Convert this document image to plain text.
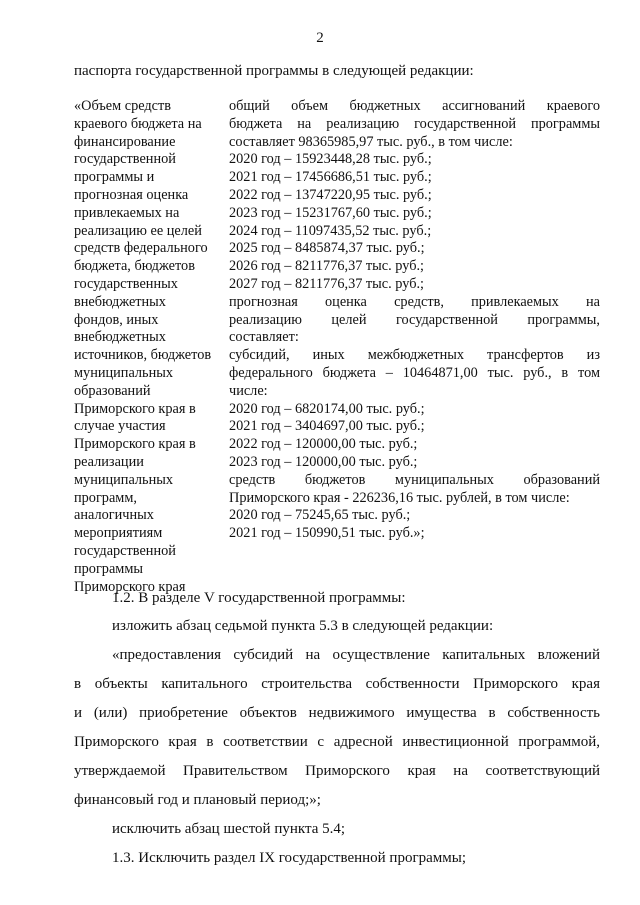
2
паспорта государственной программы в следующей редакции:
«Объем средств
краевого бюджета на
финансирование
государственной
программы и
прогнозная оценка
привлекаемых на
реализацию ее целей
средств федерального
бюджета, бюджетов
государственных
внебюджетных
фондов, иных
внебюджетных
источников, бюджетов
муниципальных
образований
Приморского края в
случае участия
Приморского края в
реализации
муниципальных
программ,
аналогичных
мероприятиям
государственной
программы
Приморского края
общий объем бюджетных ассигнований краевого
бюджета на реализацию государственной программы
составляет 98365985,97 тыс. руб., в том числе:
2020 год – 15923448,28 тыс. руб.;
2021 год – 17456686,51 тыс. руб.;
2022 год – 13747220,95 тыс. руб.;
2023 год – 15231767,60 тыс. руб.;
2024 год – 11097435,52 тыс. руб.;
2025 год – 8485874,37 тыс. руб.;
2026 год – 8211776,37 тыс. руб.;
2027 год – 8211776,37 тыс. руб.;
прогнозная оценка средств, привлекаемых на
реализацию целей государственной программы,
составляет:
субсидий, иных межбюджетных трансфертов из
федерального бюджета – 10464871,00 тыс. руб., в том
числе:
2020 год – 6820174,00 тыс. руб.;
2021 год – 3404697,00 тыс. руб.;
2022 год – 120000,00 тыс. руб.;
2023 год – 120000,00 тыс. руб.;
средств бюджетов муниципальных образований
Приморского края - 226236,16 тыс. рублей, в том числе:
2020 год – 75245,65 тыс. руб.;
2021 год – 150990,51 тыс. руб.»;
1.2. В разделе V государственной программы:
изложить абзац седьмой пункта 5.3 в следующей редакции:
«предоставления субсидий на осуществление капитальных вложений
в объекты капитального строительства собственности Приморского края
и (или) приобретение объектов недвижимого имущества в собственность
Приморского края в соответствии с адресной инвестиционной программой,
утверждаемой Правительством Приморского края на соответствующий
финансовый год и плановый период;»;
исключить абзац шестой пункта 5.4;
1.3. Исключить раздел IX государственной программы;
